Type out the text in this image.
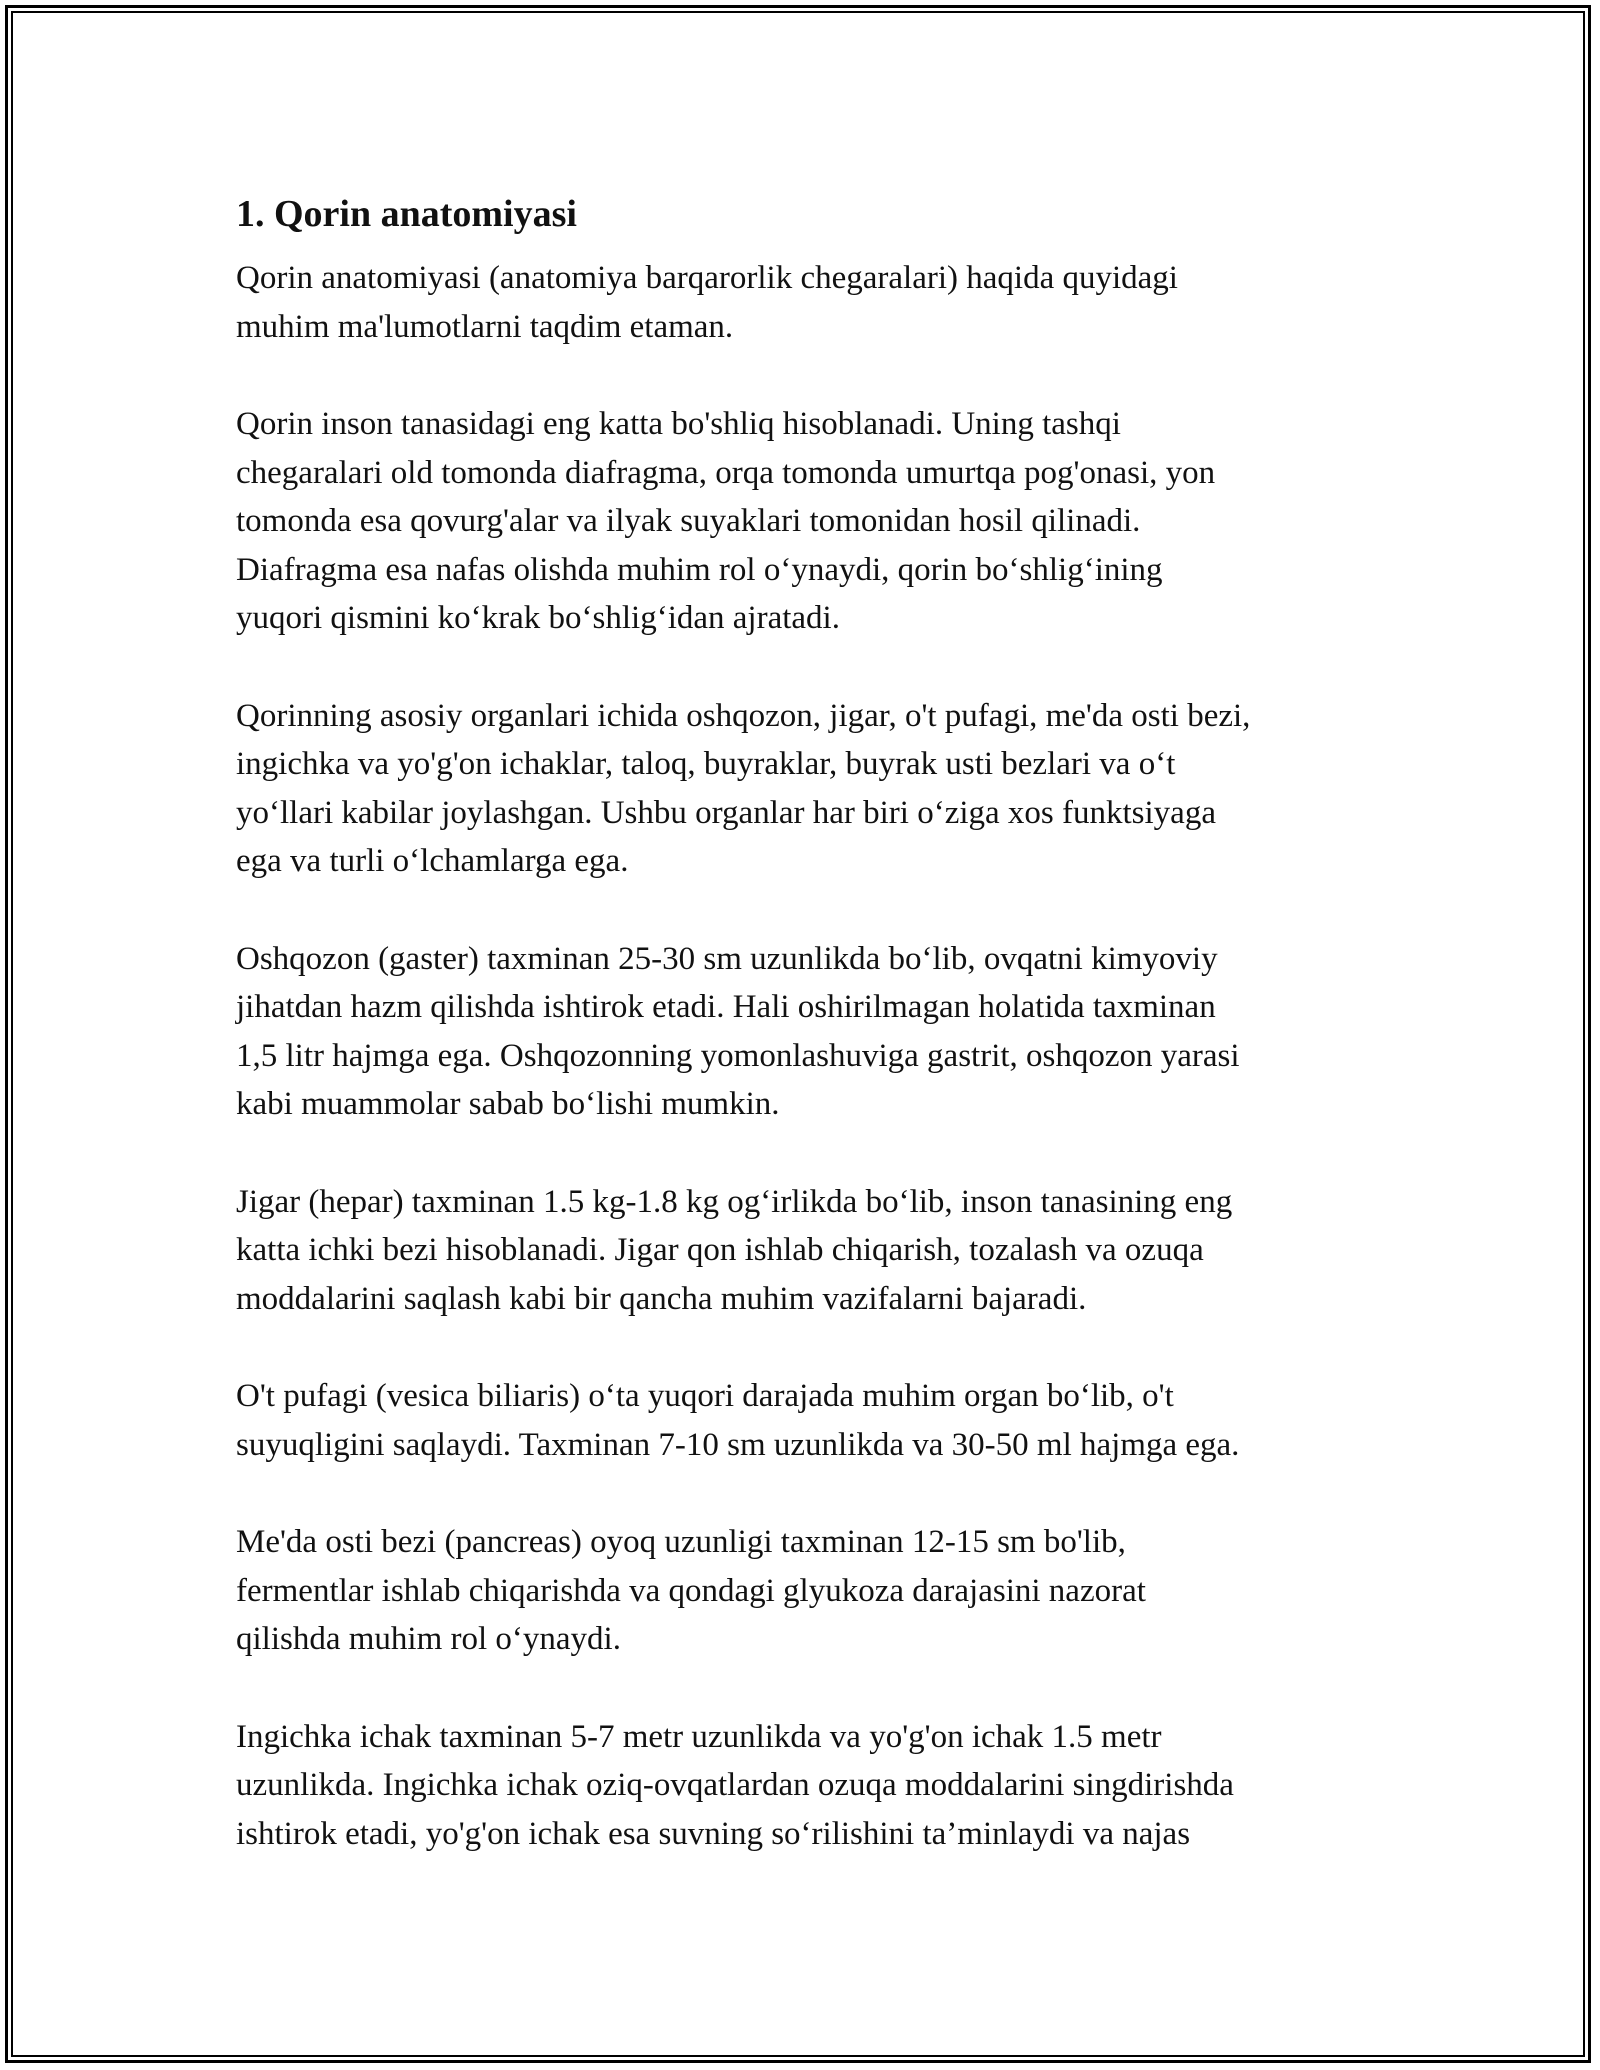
1. Qorin anatomiyasi

Qorin anatomiyasi (anatomiya barqarorlik chegaralari) haqida quyidagi
muhim ma'lumotlarni taqdim etaman.

Qorin inson tanasidagi eng katta bo'shliq hisoblanadi. Uning tashqi
chegaralari old tomonda diafragma, orqa tomonda umurtqa pog'onasi, yon
tomonda esa qovurg'alar va ilyak suyaklari tomonidan hosil qilinadi.
Diafragma esa nafas olishda muhim rol o‘ynaydi, qorin bo‘shlig‘ining
yuqori qismini ko‘krak bo‘shlig‘idan ajratadi.

Qorinning asosiy organlari ichida oshqozon, jigar, o't pufagi, me'da osti bezi,
ingichka va yo'g'on ichaklar, taloq, buyraklar, buyrak usti bezlari va o‘t
yo‘llari kabilar joylashgan. Ushbu organlar har biri o‘ziga xos funktsiyaga
ega va turli o‘lchamlarga ega.

Oshqozon (gaster) taxminan 25-30 sm uzunlikda bo‘lib, ovqatni kimyoviy
jihatdan hazm qilishda ishtirok etadi. Hali oshirilmagan holatida taxminan
1,5 litr hajmga ega. Oshqozonning yomonlashuviga gastrit, oshqozon yarasi
kabi muammolar sabab bo‘lishi mumkin.

Jigar (hepar) taxminan 1.5 kg-1.8 kg og‘irlikda bo‘lib, inson tanasining eng
katta ichki bezi hisoblanadi. Jigar qon ishlab chiqarish, tozalash va ozuqa
moddalarini saqlash kabi bir qancha muhim vazifalarni bajaradi.

O't pufagi (vesica biliaris) o‘ta yuqori darajada muhim organ bo‘lib, o't
suyuqligini saqlaydi. Taxminan 7-10 sm uzunlikda va 30-50 ml hajmga ega.

Me'da osti bezi (pancreas) oyoq uzunligi taxminan 12-15 sm bo'lib,
fermentlar ishlab chiqarishda va qondagi glyukoza darajasini nazorat
qilishda muhim rol o‘ynaydi.

Ingichka ichak taxminan 5-7 metr uzunlikda va yo'g'on ichak 1.5 metr
uzunlikda. Ingichka ichak oziq-ovqatlardan ozuqa moddalarini singdirishda
ishtirok etadi, yo'g'on ichak esa suvning so‘rilishini ta’minlaydi va najas
